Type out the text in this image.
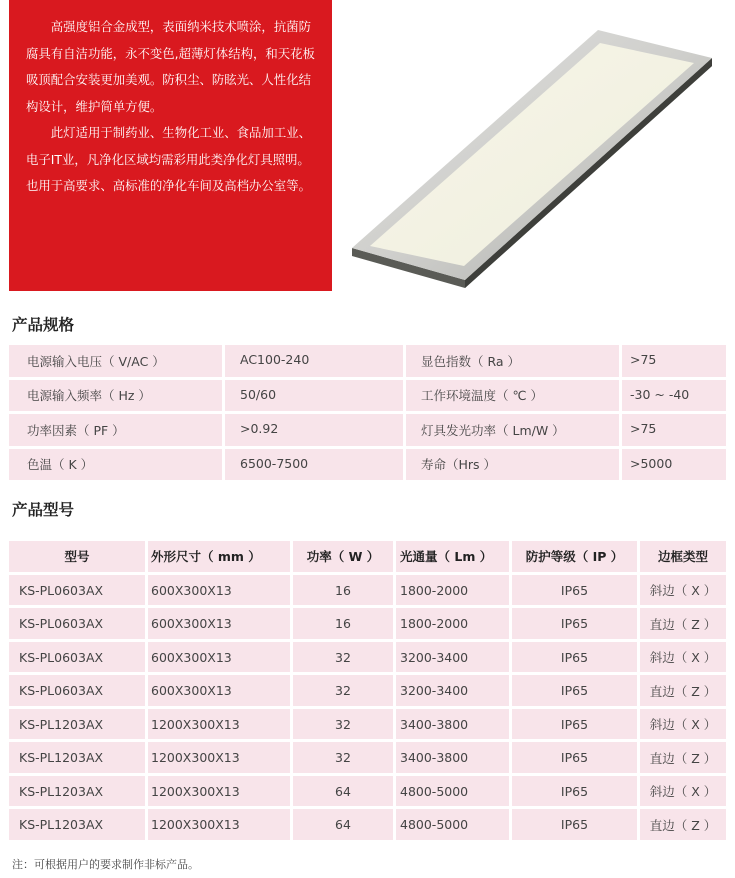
高强度铝合金成型，表面纳米技术喷涂，抗菌防腐具有自洁功能，永不变色,超薄灯体结构，和天花板吸顶配合安装更加美观。防积尘、防眩光、人性化结构设计，维护简单方便。

此灯适用于制药业、生物化工业、食品加工业、电子IT业，凡净化区域均需彩用此类净化灯具照明。也用于高要求、高标准的净化车间及高档办公室等。

产品规格
电源输入电压（ V/AC ）	AC100-240	显色指数（ Ra ）	>75
电源输入频率（ Hz ）	50/60	工作环境温度（ ℃ ）	-30 ~ -40
功率因素（ PF ）	>0.92	灯具发光功率（ Lm/W ）	>75
色温（ K ）	6500-7500	寿命（Hrs ）	>5000
产品型号
型号	外形尺寸（ mm ）	功率（ W ）	光通量（ Lm ）	防护等级（ IP ）	边框类型
KS-PL0603AX	600X300X13	16	1800-2000	IP65	斜边（ X ）
KS-PL0603AX	600X300X13	16	1800-2000	IP65	直边（ Z ）
KS-PL0603AX	600X300X13	32	3200-3400	IP65	斜边（ X ）
KS-PL0603AX	600X300X13	32	3200-3400	IP65	直边（ Z ）
KS-PL1203AX	1200X300X13	32	3400-3800	IP65	斜边（ X ）
KS-PL1203AX	1200X300X13	32	3400-3800	IP65	直边（ Z ）
KS-PL1203AX	1200X300X13	64	4800-5000	IP65	斜边（ X ）
KS-PL1203AX	1200X300X13	64	4800-5000	IP65	直边（ Z ）
注：可根据用户的要求制作非标产品。
